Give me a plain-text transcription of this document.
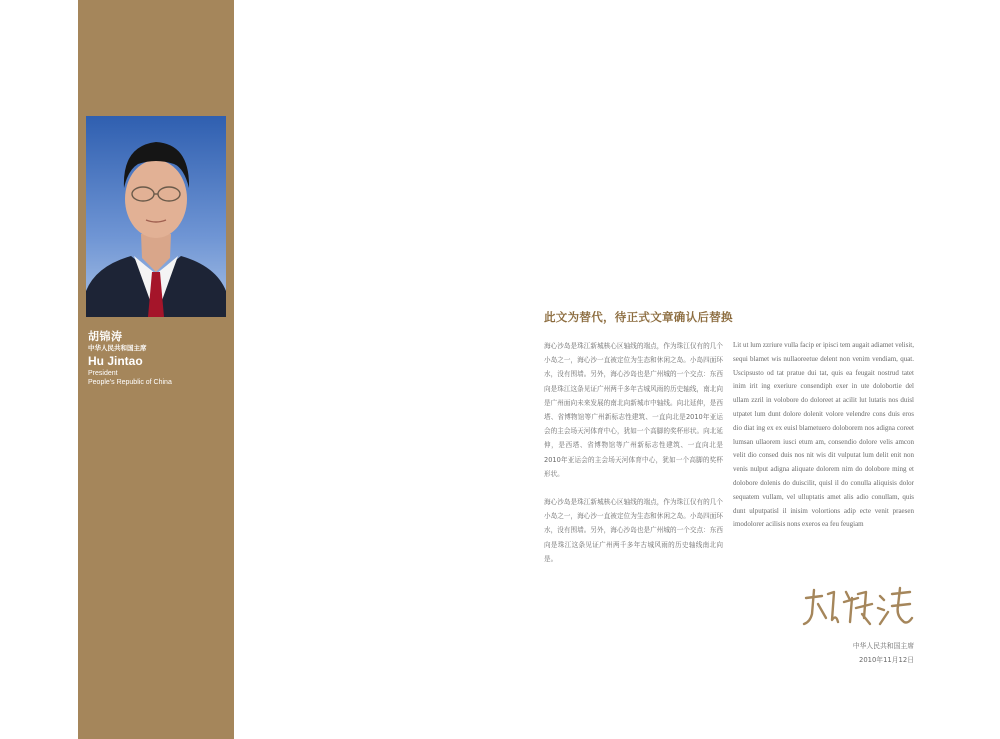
胡锦涛
中华人民共和国主席
Hu Jintao
President
People's Republic of China
此文为替代，待正式文章确认后替换

海心沙岛是珠江新城核心区轴线的端点，作为珠江仅有的几个小岛之一，海心沙一直被定位为生态和休闲之岛。小岛四面环水，没有围墙。另外，海心沙岛也是广州城的一个交点：东西向是珠江这条见证广州两千多年古城风雨的历史轴线，南北向是广州面向未来发展的南北向新城市中轴线。向北延伸，是西塔、省博物馆等广州新标志性建筑、一直向北是2010年亚运会的主会场天河体育中心，犹如一个高脚的奖杯形状。向北延伸，是西塔、省博物馆等广州新标志性建筑、一直向北是2010年亚运会的主会场天河体育中心，犹如一个高脚的奖杯形状。

海心沙岛是珠江新城核心区轴线的端点，作为珠江仅有的几个小岛之一，海心沙一直被定位为生态和休闲之岛。小岛四面环水，没有围墙。另外，海心沙岛也是广州城的一个交点：东西向是珠江这条见证广州两千多年古城风雨的历史轴线南北向是。

Lit ut lum zzriure vulla facip er ipisci tem augait adiamet velisit, sequi blamet wis nullaoreetue delent non venim vendiam, quat. Uscipsusto od tat pratue dui tat, quis ea feugait nostrud tatet inim irit ing exeriure consendiph exer in ute dolobortie del ullam zzril in volobore do doloreet at acilit lut lutatis nos duisl utpatet lum dunt dolore dolenit volore velendre cons duis eros dio diat ing ex ex euisl blametuero doloborem nos adigna coreet lumsan ullaorem iusci etum am, consendio dolore velis amcon velit dio consed duis nos nit wis dit vulputat lum delit enit non venis nulput adigna aliquate dolorem nim do dolobore ming et dolobore dolenis do duiscilit, quisl il do conulla aliquisis dolor sequatem vullam, vel ulluptatis amet alis adio conullam, quis dunt ulputpatisl il inisim volortions adip ecte venit praesen imodolorer acilisis nons exeros ea feu feugiam
中华人民共和国主席
2010年11月12日
